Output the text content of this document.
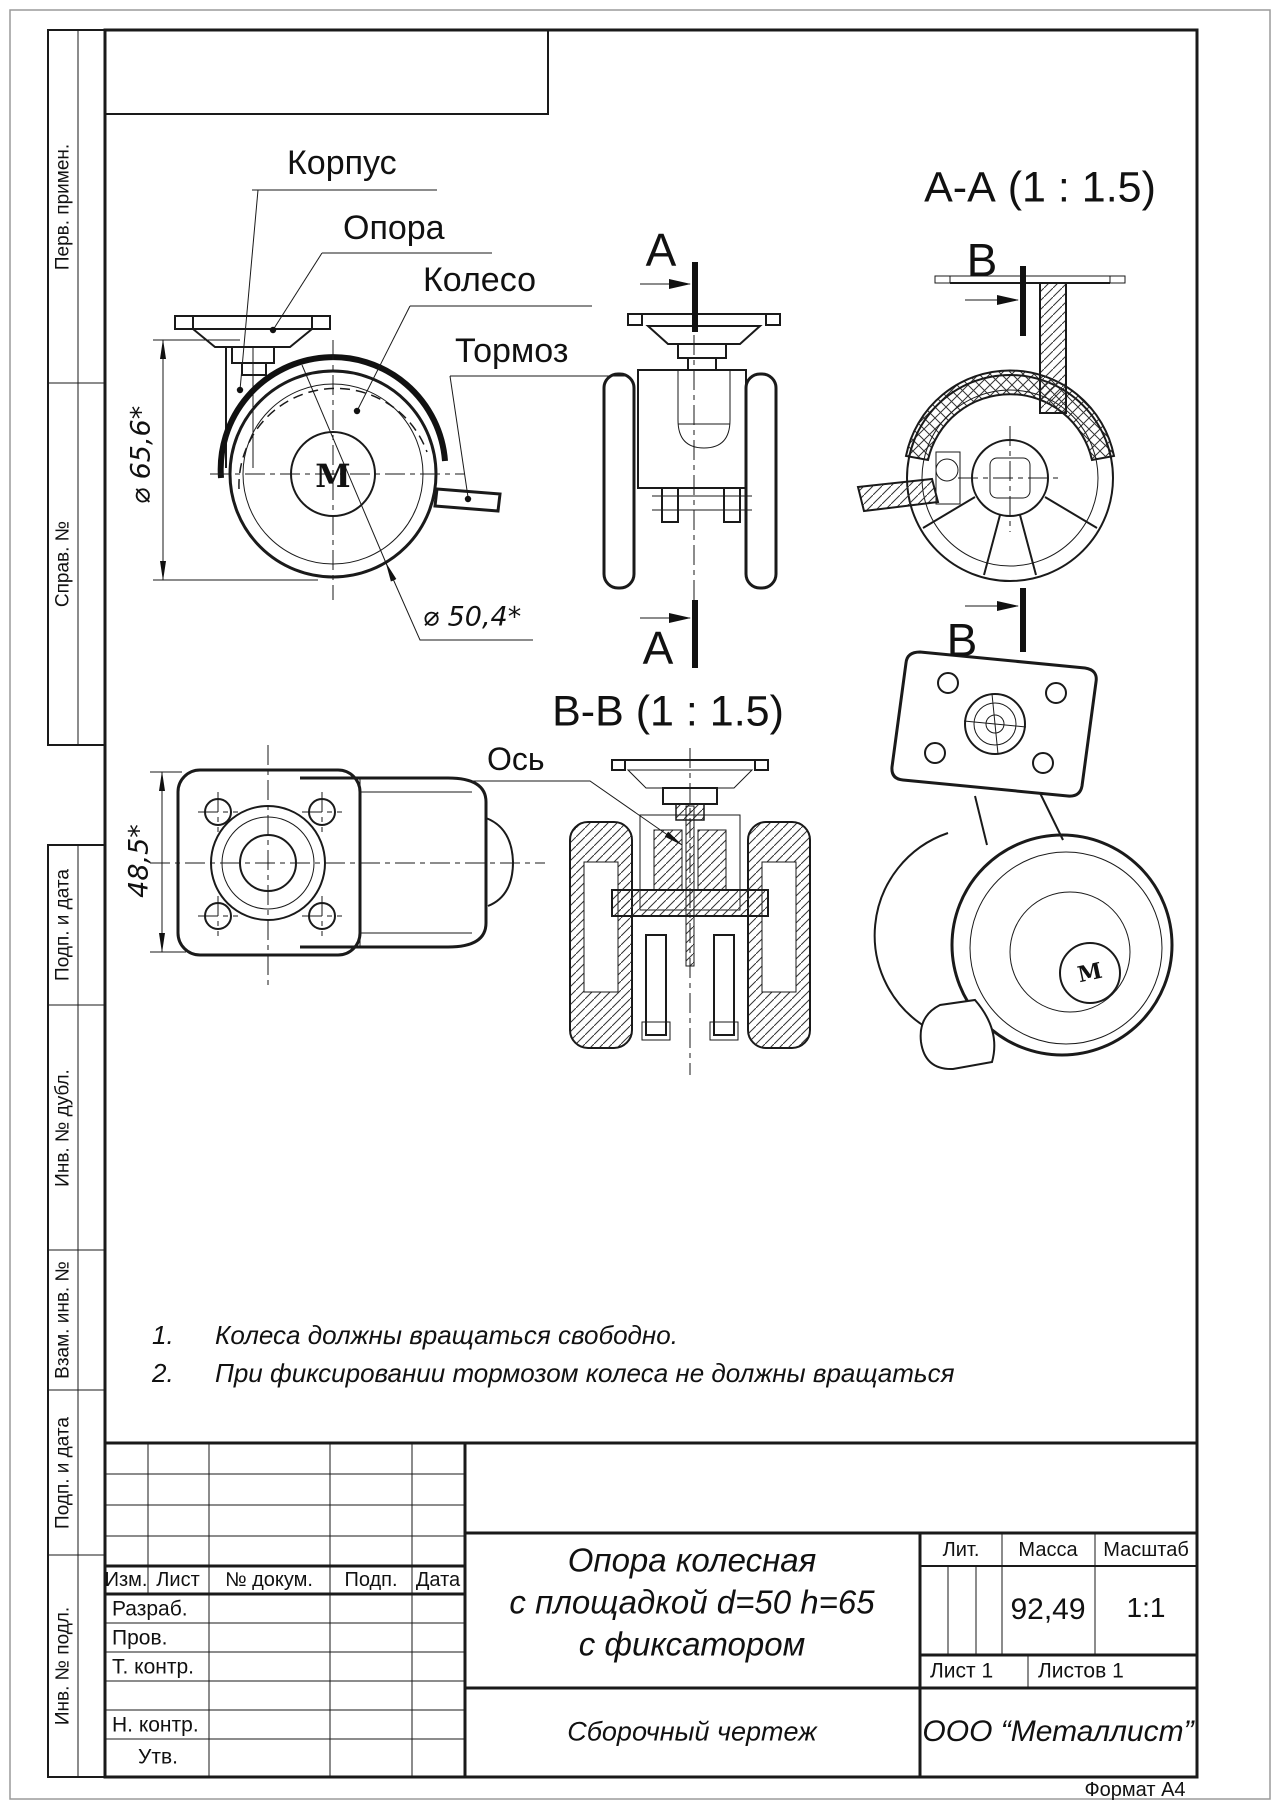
Перв. примен.
Справ. №
Подп. и дата
Инв. № дубл.
Взам. инв. №
Подп. и дата
Инв. № подл.
Корпус
Опора
Колесо
Тормоз
Ось
⌀ 65,6*
⌀ 50,4*
48,5*
А-А (1 : 1.5)
В-В (1 : 1.5)
А
А
В
В
М
М
1. Колеса должны вращаться свободно.
2. При фиксировании тормозом колеса не должны вращаться
Изм. Лист № докум. Подп. Дата
Разраб.
Пров.
Т. контр.
Н. контр.
Утв.
Опора колесная
с площадкой d=50 h=65
с фиксатором
Сборочный чертеж
Лит. Масса Масштаб
92,49 1:1
Лист 1 Листов 1
ООО “Металлист”
Формат А4
